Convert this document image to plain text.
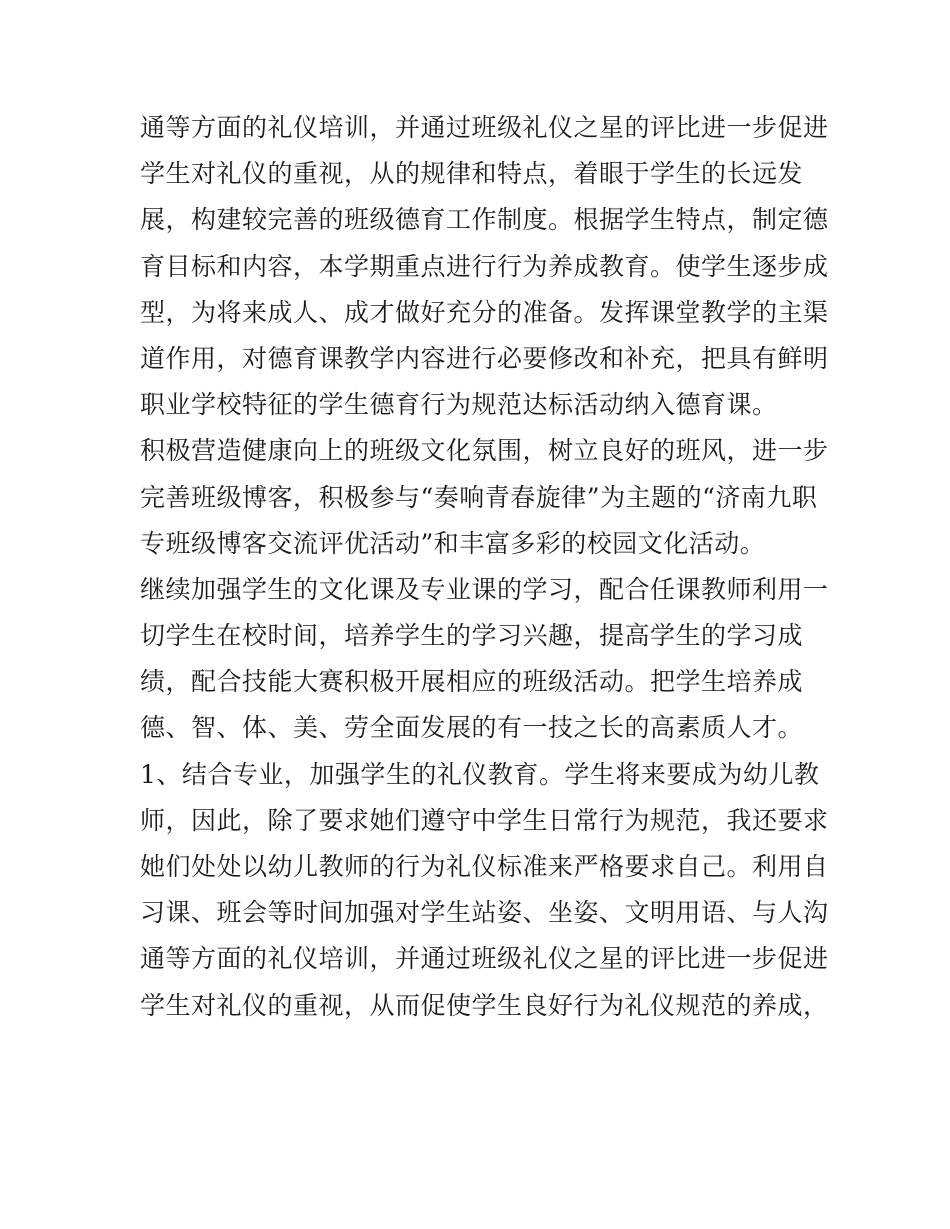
通等方面的礼仪培训，并通过班级礼仪之星的评比进一步促进
学生对礼仪的重视，从的规律和特点，着眼于学生的长远发
展，构建较完善的班级德育工作制度。根据学生特点，制定德
育目标和内容，本学期重点进行行为养成教育。使学生逐步成
型，为将来成人、成才做好充分的准备。发挥课堂教学的主渠
道作用，对德育课教学内容进行必要修改和补充，把具有鲜明
职业学校特征的学生德育行为规范达标活动纳入德育课。
积极营造健康向上的班级文化氛围，树立良好的班风，进一步
完善班级博客，积极参与“奏响青春旋律”为主题的“济南九职
专班级博客交流评优活动”和丰富多彩的校园文化活动。
继续加强学生的文化课及专业课的学习，配合任课教师利用一
切学生在校时间，培养学生的学习兴趣，提高学生的学习成
绩，配合技能大赛积极开展相应的班级活动。把学生培养成
德、智、体、美、劳全面发展的有一技之长的高素质人才。
1、结合专业，加强学生的礼仪教育。学生将来要成为幼儿教
师，因此，除了要求她们遵守中学生日常行为规范，我还要求
她们处处以幼儿教师的行为礼仪标准来严格要求自己。利用自
习课、班会等时间加强对学生站姿、坐姿、文明用语、与人沟
通等方面的礼仪培训，并通过班级礼仪之星的评比进一步促进
学生对礼仪的重视，从而促使学生良好行为礼仪规范的养成，
